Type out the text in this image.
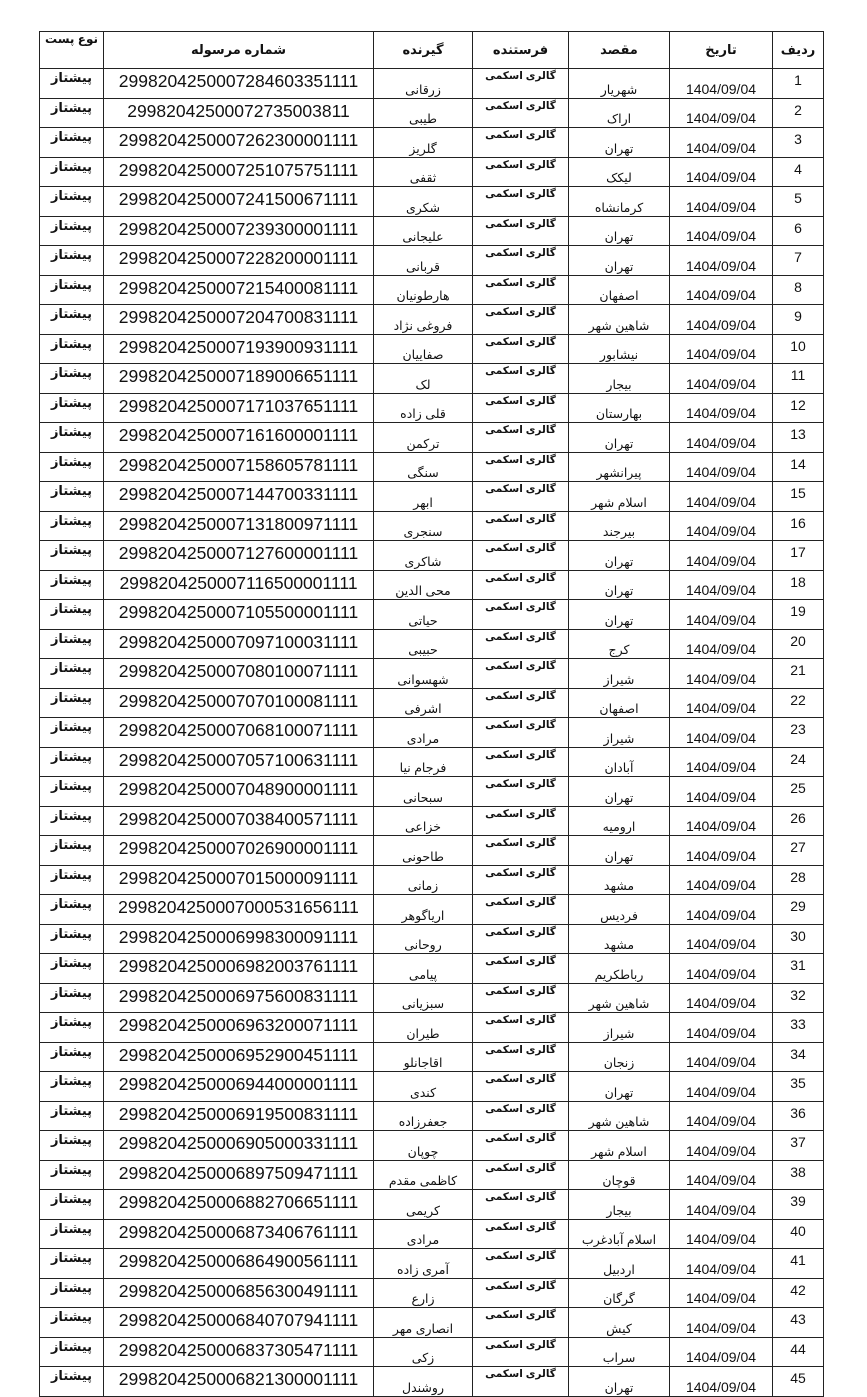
نوع پست	شماره مرسوله	گیرنده	فرستنده	مقصد	تاریخ	ردیف
پیشتاز	2998204250007284603351111	زرقانی	گالری اسکمی	شهریار	1404/09/04	1
پیشتاز	29982042500072735003811	طیبی	گالری اسکمی	اراک	1404/09/04	2
پیشتاز	2998204250007262300001111	گلریز	گالری اسکمی	تهران	1404/09/04	3
پیشتاز	2998204250007251075751111	ثقفی	گالری اسکمی	لیکک	1404/09/04	4
پیشتاز	2998204250007241500671111	شکری	گالری اسکمی	کرمانشاه	1404/09/04	5
پیشتاز	2998204250007239300001111	علیجانی	گالری اسکمی	تهران	1404/09/04	6
پیشتاز	2998204250007228200001111	قربانی	گالری اسکمی	تهران	1404/09/04	7
پیشتاز	2998204250007215400081111	هارطونیان	گالری اسکمی	اصفهان	1404/09/04	8
پیشتاز	2998204250007204700831111	فروغی نژاد	گالری اسکمی	شاهین شهر	1404/09/04	9
پیشتاز	2998204250007193900931111	صفاییان	گالری اسکمی	نیشابور	1404/09/04	10
پیشتاز	2998204250007189006651111	لک	گالری اسکمی	بیجار	1404/09/04	11
پیشتاز	2998204250007171037651111	قلی زاده	گالری اسکمی	بهارستان	1404/09/04	12
پیشتاز	2998204250007161600001111	ترکمن	گالری اسکمی	تهران	1404/09/04	13
پیشتاز	2998204250007158605781111	سنگی	گالری اسکمی	پیرانشهر	1404/09/04	14
پیشتاز	2998204250007144700331111	ابهر	گالری اسکمی	اسلام شهر	1404/09/04	15
پیشتاز	2998204250007131800971111	سنجری	گالری اسکمی	بیرجند	1404/09/04	16
پیشتاز	2998204250007127600001111	شاکری	گالری اسکمی	تهران	1404/09/04	17
پیشتاز	2998204250007116500001111	محی الدین	گالری اسکمی	تهران	1404/09/04	18
پیشتاز	2998204250007105500001111	حیاتی	گالری اسکمی	تهران	1404/09/04	19
پیشتاز	2998204250007097100031111	حبیبی	گالری اسکمی	کرج	1404/09/04	20
پیشتاز	2998204250007080100071111	شهسوانی	گالری اسکمی	شیراز	1404/09/04	21
پیشتاز	2998204250007070100081111	اشرفی	گالری اسکمی	اصفهان	1404/09/04	22
پیشتاز	2998204250007068100071111	مرادی	گالری اسکمی	شیراز	1404/09/04	23
پیشتاز	2998204250007057100631111	فرجام نیا	گالری اسکمی	آبادان	1404/09/04	24
پیشتاز	2998204250007048900001111	سبحانی	گالری اسکمی	تهران	1404/09/04	25
پیشتاز	2998204250007038400571111	خزاعی	گالری اسکمی	ارومیه	1404/09/04	26
پیشتاز	2998204250007026900001111	طاحونی	گالری اسکمی	تهران	1404/09/04	27
پیشتاز	2998204250007015000091111	زمانی	گالری اسکمی	مشهد	1404/09/04	28
پیشتاز	2998204250007000531656111	اریاگوهر	گالری اسکمی	فردیس	1404/09/04	29
پیشتاز	2998204250006998300091111	روحانی	گالری اسکمی	مشهد	1404/09/04	30
پیشتاز	2998204250006982003761111	پیامی	گالری اسکمی	رباطکریم	1404/09/04	31
پیشتاز	2998204250006975600831111	سبزیانی	گالری اسکمی	شاهین شهر	1404/09/04	32
پیشتاز	2998204250006963200071111	طیران	گالری اسکمی	شیراز	1404/09/04	33
پیشتاز	2998204250006952900451111	اقاجانلو	گالری اسکمی	زنجان	1404/09/04	34
پیشتاز	2998204250006944000001111	کندی	گالری اسکمی	تهران	1404/09/04	35
پیشتاز	2998204250006919500831111	جعفرزاده	گالری اسکمی	شاهین شهر	1404/09/04	36
پیشتاز	2998204250006905000331111	چوپان	گالری اسکمی	اسلام شهر	1404/09/04	37
پیشتاز	2998204250006897509471111	کاظمی مقدم	گالری اسکمی	قوچان	1404/09/04	38
پیشتاز	2998204250006882706651111	کریمی	گالری اسکمی	بیجار	1404/09/04	39
پیشتاز	2998204250006873406761111	مرادی	گالری اسکمی	اسلام آبادغرب	1404/09/04	40
پیشتاز	2998204250006864900561111	آمری زاده	گالری اسکمی	اردبیل	1404/09/04	41
پیشتاز	2998204250006856300491111	زارع	گالری اسکمی	گرگان	1404/09/04	42
پیشتاز	2998204250006840707941111	انصاری مهر	گالری اسکمی	کیش	1404/09/04	43
پیشتاز	2998204250006837305471111	زکی	گالری اسکمی	سراب	1404/09/04	44
پیشتاز	2998204250006821300001111	روشندل	گالری اسکمی	تهران	1404/09/04	45
